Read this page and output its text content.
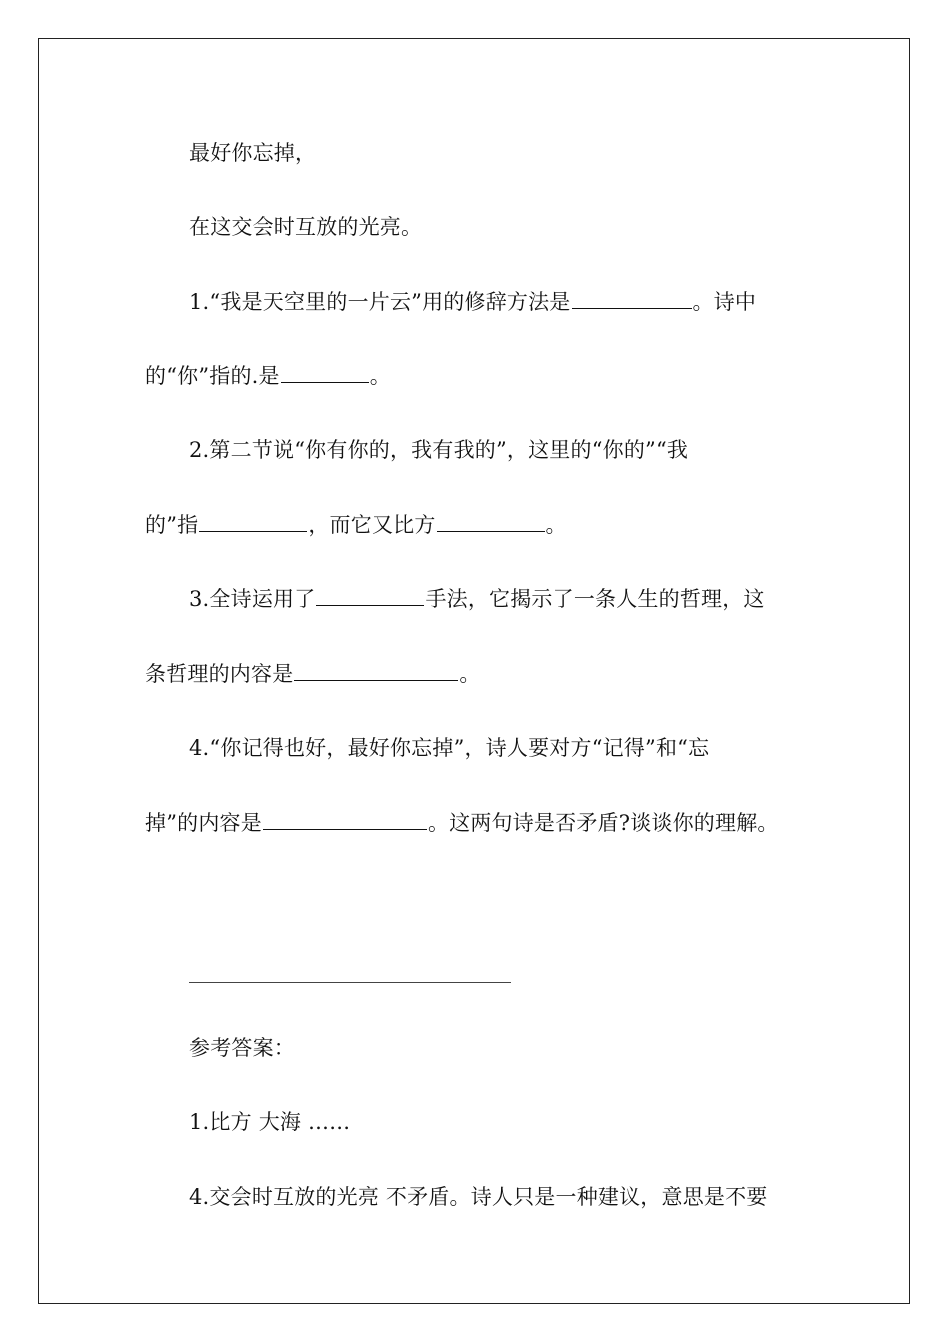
最好你忘掉，
在这交会时互放的光亮。
1.“我是天空里的一片云”用的修辞方法是	。诗中
的“你”指的.是	。
2.第二节说“你有你的，我有我的”，这里的“你的”“我
的”指	，而它又比方	。
3.全诗运用了	手法，它揭示了一条人生的哲理，这
条哲理的内容是	。
4.“你记得也好，最好你忘掉”，诗人要对方“记得”和“忘
掉”的内容是	。这两句诗是否矛盾?谈谈你的理解。
参考答案：
1.比方 大海 ……
4.交会时互放的光亮 不矛盾。诗人只是一种建议，意思是不要
